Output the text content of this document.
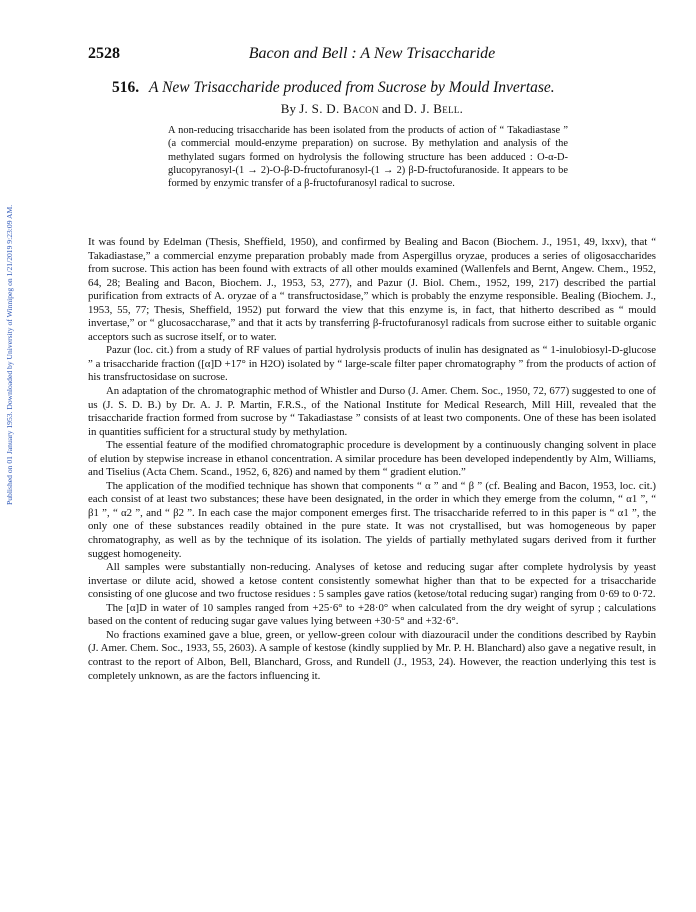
Published on 01 January 1953. Downloaded by University of Winnipeg on 1/21/2019 9:23:09 AM.
2528	Bacon and Bell : A New Trisaccharide
516. A New Trisaccharide produced from Sucrose by Mould Invertase.
By J. S. D. Bacon and D. J. Bell.
A non-reducing trisaccharide has been isolated from the products of action of “ Takadiastase ” (a commercial mould-enzyme preparation) on sucrose. By methylation and analysis of the methylated sugars formed on hydrolysis the following structure has been adduced : O-α-D-glucopyranosyl-(1 → 2)-O-β-D-fructofuranosyl-(1 → 2) β-D-fructofuranoside. It appears to be formed by enzymic transfer of a β-fructofuranosyl radical to sucrose.

It was found by Edelman (Thesis, Sheffield, 1950), and confirmed by Bealing and Bacon (Biochem. J., 1951, 49, lxxv), that “ Takadiastase,” a commercial enzyme preparation probably made from Aspergillus oryzae, produces a series of oligosaccharides from sucrose. This action has been found with extracts of all other moulds examined (Wallenfels and Bernt, Angew. Chem., 1952, 64, 28; Bealing and Bacon, Biochem. J., 1953, 53, 277), and Pazur (J. Biol. Chem., 1952, 199, 217) described the partial purification from extracts of A. oryzae of a “ transfructosidase,” which is probably the enzyme responsible. Bealing (Biochem. J., 1953, 55, 77; Thesis, Sheffield, 1952) put forward the view that this enzyme is, in fact, that hitherto described as “ mould invertase,” or “ glucosaccharase,” and that it acts by transferring β-fructofuranosyl radicals from sucrose either to suitable organic acceptors such as sucrose itself, or to water.

Pazur (loc. cit.) from a study of RF values of partial hydrolysis products of inulin has designated as “ 1-inulobiosyl-D-glucose ” a trisaccharide fraction ([α]D +17° in H2O) isolated by “ large-scale filter paper chromatography ” from the products of action of his transfructosidase on sucrose.

An adaptation of the chromatographic method of Whistler and Durso (J. Amer. Chem. Soc., 1950, 72, 677) suggested to one of us (J. S. D. B.) by Dr. A. J. P. Martin, F.R.S., of the National Institute for Medical Research, Mill Hill, revealed that the trisaccharide fraction formed from sucrose by “ Takadiastase ” consists of at least two components. One of these has been isolated in quantities sufficient for a structural study by methylation.

The essential feature of the modified chromatographic procedure is development by a continuously changing solvent in place of elution by stepwise increase in ethanol concentration. A similar procedure has been developed independently by Alm, Williams, and Tiselius (Acta Chem. Scand., 1952, 6, 826) and named by them “ gradient elution.”

The application of the modified technique has shown that components “ α ” and “ β ” (cf. Bealing and Bacon, 1953, loc. cit.) each consist of at least two substances; these have been designated, in the order in which they emerge from the column, “ α1 ”, “ β1 ”, “ α2 ”, and “ β2 ”. In each case the major component emerges first. The trisaccharide referred to in this paper is “ α1 ”, the only one of these substances readily obtained in the pure state. It was not crystallised, but was homogeneous by paper chromatography, as well as by the technique of its isolation. The yields of partially methylated sugars derived from it further suggest homogeneity.

All samples were substantially non-reducing. Analyses of ketose and reducing sugar after complete hydrolysis by yeast invertase or dilute acid, showed a ketose content consistently somewhat higher than that to be expected for a trisaccharide consisting of one glucose and two fructose residues : 5 samples gave ratios (ketose/total reducing sugar) ranging from 0·69 to 0·72.

The [α]D in water of 10 samples ranged from +25·6° to +28·0° when calculated from the dry weight of syrup ; calculations based on the content of reducing sugar gave values lying between +30·5° and +32·6°.

No fractions examined gave a blue, green, or yellow-green colour with diazouracil under the conditions described by Raybin (J. Amer. Chem. Soc., 1933, 55, 2603). A sample of kestose (kindly supplied by Mr. P. H. Blanchard) also gave a negative result, in contrast to the report of Albon, Bell, Blanchard, Gross, and Rundell (J., 1953, 24). However, the reaction underlying this test is completely unknown, as are the factors influencing it.
